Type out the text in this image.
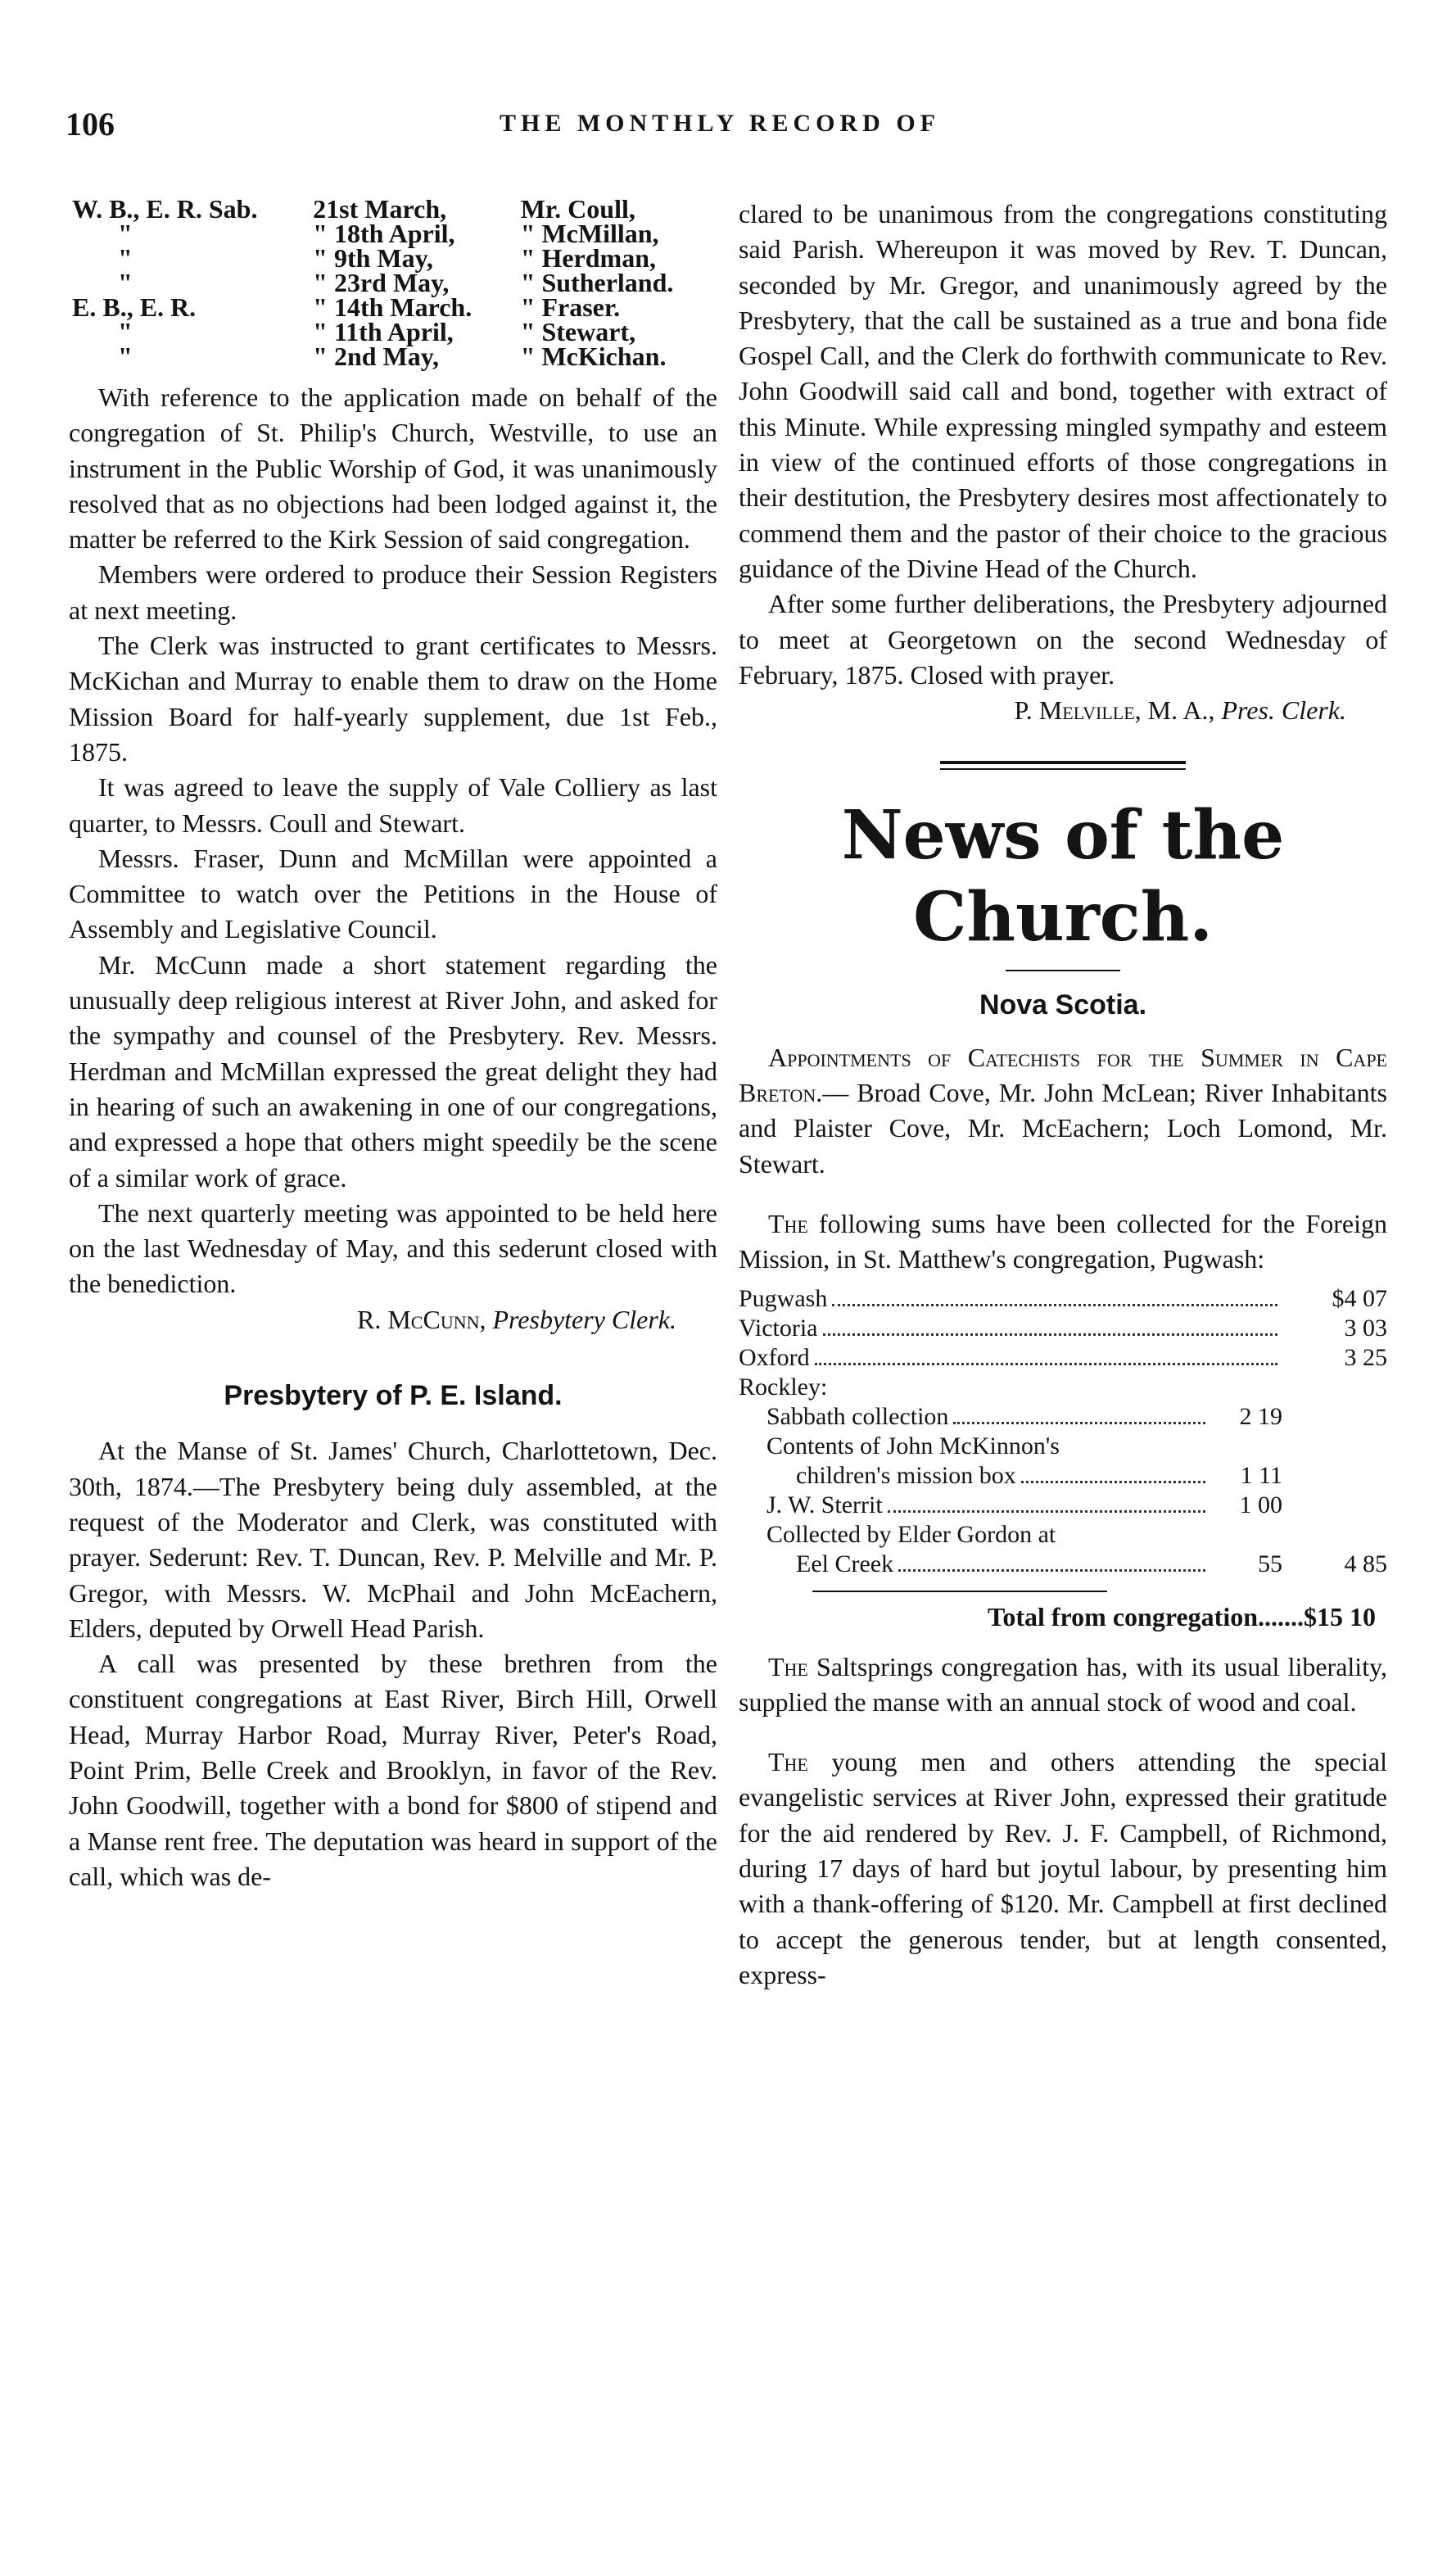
106	THE MONTHLY RECORD OF
W. B., E. R. Sab.	21st March,	Mr. Coull,
"	" 18th April,	" McMillan,
"	" 9th May,	" Herdman,
"	" 23rd May,	" Sutherland.
E. B., E. R.	" 14th March.	" Fraser.
"	" 11th April,	" Stewart,
"	" 2nd May,	" McKichan.

With reference to the application made on behalf of the congregation of St. Philip's Church, Westville, to use an instrument in the Public Worship of God, it was unanimously resolved that as no objections had been lodged against it, the matter be referred to the Kirk Session of said congregation.

Members were ordered to produce their Session Registers at next meeting.

The Clerk was instructed to grant certificates to Messrs. McKichan and Murray to enable them to draw on the Home Mission Board for half-yearly supplement, due 1st Feb., 1875.

It was agreed to leave the supply of Vale Colliery as last quarter, to Messrs. Coull and Stewart.

Messrs. Fraser, Dunn and McMillan were appointed a Committee to watch over the Petitions in the House of Assembly and Legislative Council.

Mr. McCunn made a short statement regarding the unusually deep religious interest at River John, and asked for the sympathy and counsel of the Presbytery. Rev. Messrs. Herdman and McMillan expressed the great delight they had in hearing of such an awakening in one of our congregations, and expressed a hope that others might speedily be the scene of a similar work of grace.

The next quarterly meeting was appointed to be held here on the last Wednesday of May, and this sederunt closed with the benediction.

R. McCunn, Presbytery Clerk.

Presbytery of P. E. Island.

At the Manse of St. James' Church, Charlottetown, Dec. 30th, 1874.—The Presbytery being duly assembled, at the request of the Moderator and Clerk, was constituted with prayer. Sederunt: Rev. T. Duncan, Rev. P. Melville and Mr. P. Gregor, with Messrs. W. McPhail and John McEachern, Elders, deputed by Orwell Head Parish.

A call was presented by these brethren from the constituent congregations at East River, Birch Hill, Orwell Head, Murray Harbor Road, Murray River, Peter's Road, Point Prim, Belle Creek and Brooklyn, in favor of the Rev. John Goodwill, together with a bond for $800 of stipend and a Manse rent free. The deputation was heard in support of the call, which was de-

clared to be unanimous from the congregations constituting said Parish. Whereupon it was moved by Rev. T. Duncan, seconded by Mr. Gregor, and unanimously agreed by the Presbytery, that the call be sustained as a true and bona fide Gospel Call, and the Clerk do forthwith communicate to Rev. John Goodwill said call and bond, together with extract of this Minute. While expressing mingled sympathy and esteem in view of the continued efforts of those congregations in their destitution, the Presbytery desires most affectionately to commend them and the pastor of their choice to the gracious guidance of the Divine Head of the Church.

After some further deliberations, the Presbytery adjourned to meet at Georgetown on the second Wednesday of February, 1875. Closed with prayer.

P. Melville, M. A., Pres. Clerk.

News of the Church.
Nova Scotia.

Appointments of Catechists for the Summer in Cape Breton.— Broad Cove, Mr. John McLean; River Inhabitants and Plaister Cove, Mr. McEachern; Loch Lomond, Mr. Stewart.

The following sums have been collected for the Foreign Mission, in St. Matthew's congregation, Pugwash:

Pugwash	$4 07
Victoria	3 03
Oxford	3 25
Rockley:
Sabbath collection	2 19
Contents of John McKinnon's
children's mission box	1 11
J. W. Sterrit	1 00
Collected by Elder Gordon at
Eel Creek	55	4 85
Total from congregation.......$15 10

The Saltsprings congregation has, with its usual liberality, supplied the manse with an annual stock of wood and coal.

The young men and others attending the special evangelistic services at River John, expressed their gratitude for the aid rendered by Rev. J. F. Campbell, of Richmond, during 17 days of hard but joytul labour, by presenting him with a thank-offering of $120. Mr. Campbell at first declined to accept the generous tender, but at length consented, express-
